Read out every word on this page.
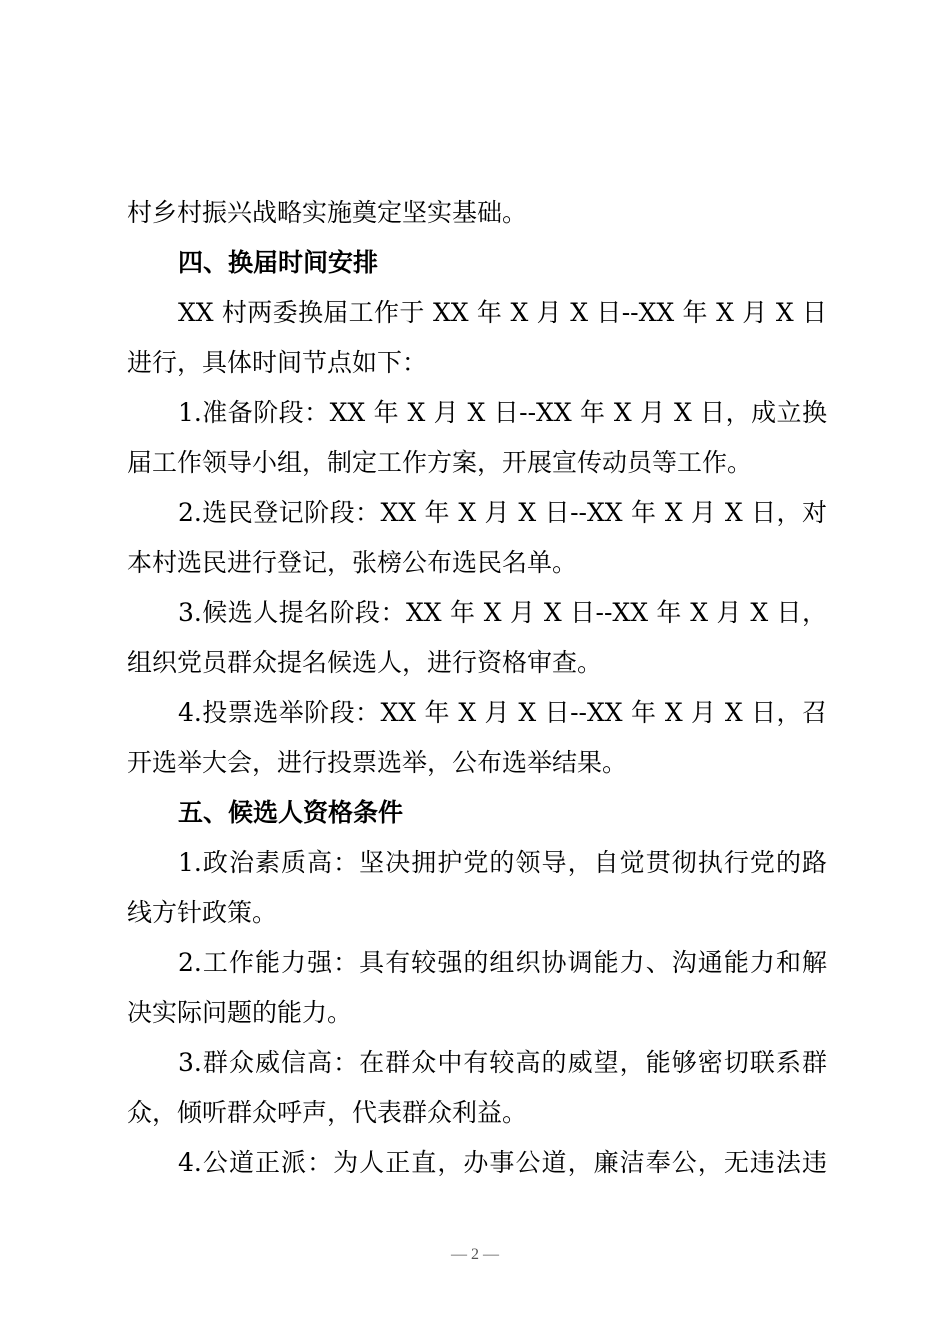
村乡村振兴战略实施奠定坚实基础。
四、换届时间安排
XX 村两委换届工作于 XX 年 X 月 X 日--XX 年 X 月 X 日
进行，具体时间节点如下：
1.准备阶段：XX 年 X 月 X 日--XX 年 X 月 X 日，成立换
届工作领导小组，制定工作方案，开展宣传动员等工作。
2.选民登记阶段：XX 年 X 月 X 日--XX 年 X 月 X 日，对
本村选民进行登记，张榜公布选民名单。
3.候选人提名阶段：XX 年 X 月 X 日--XX 年 X 月 X 日，
组织党员群众提名候选人，进行资格审查。
4.投票选举阶段：XX 年 X 月 X 日--XX 年 X 月 X 日，召
开选举大会，进行投票选举，公布选举结果。
五、候选人资格条件
1.政治素质高：坚决拥护党的领导，自觉贯彻执行党的路
线方针政策。
2.工作能力强：具有较强的组织协调能力、沟通能力和解
决实际问题的能力。
3.群众威信高：在群众中有较高的威望，能够密切联系群
众，倾听群众呼声，代表群众利益。
4.公道正派：为人正直，办事公道，廉洁奉公，无违法违
— 2 —
